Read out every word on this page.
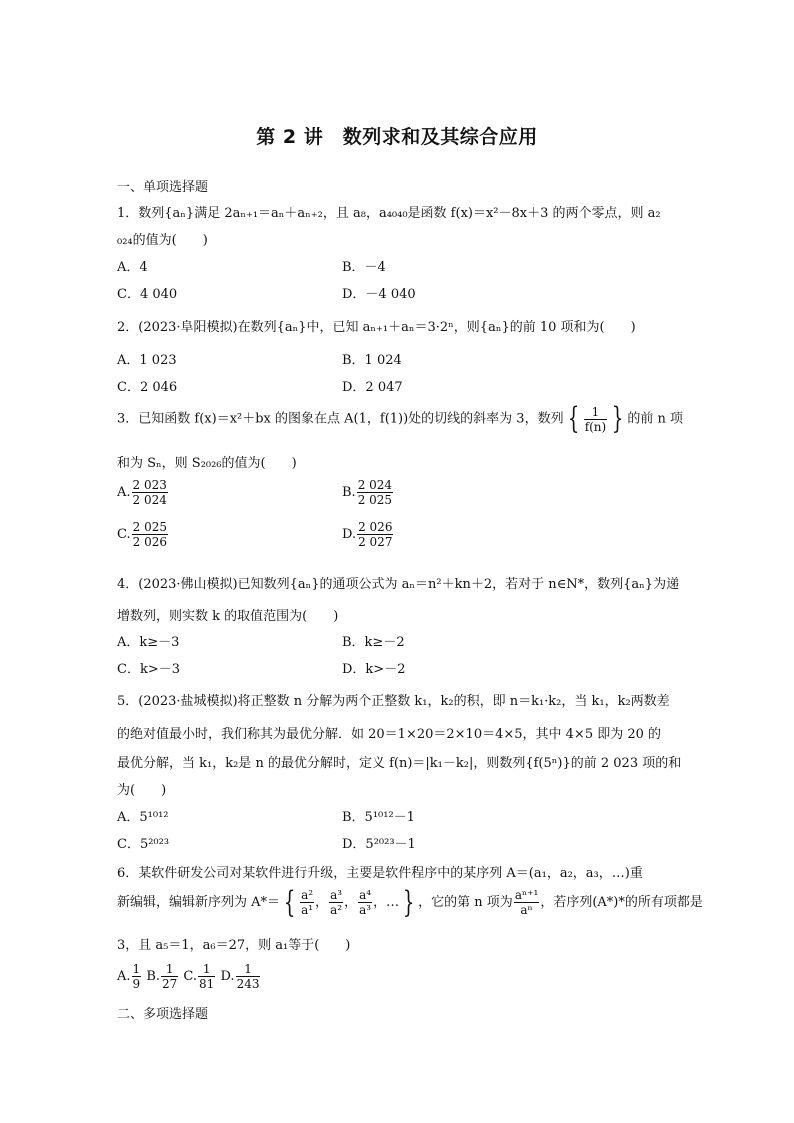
第 2 讲　数列求和及其综合应用
一、单项选择题
1．数列{aₙ}满足 2aₙ₊₁＝aₙ＋aₙ₊₂，且 a₈，a₄₀₄₀是函数 f(x)＝x²－8x＋3 的两个零点，则 a₂
₀₂₄的值为(　　)
A．4	B．－4
C．4 040	D．－4 040
2．(2023·阜阳模拟)在数列{aₙ}中，已知 aₙ₊₁＋aₙ＝3·2ⁿ，则{aₙ}的前 10 项和为(　　)
A．1 023	B．1 024
C．2 046	D．2 047
3．已知函数 f(x)＝x²＋bx 的图象在点 A(1，f(1))处的切线的斜率为 3，数列 { $\frac{1}{f(n)}$ } 的前 n 项
和为 Sₙ，则 S₂₀₂₆的值为(　　)
A. $\frac{2 023}{2 024}$	B. $\frac{2 024}{2 025}$
C. $\frac{2 025}{2 026}$	D. $\frac{2 026}{2 027}$
4．(2023·佛山模拟)已知数列{aₙ}的通项公式为 aₙ＝n²＋kn＋2，若对于 n∈N*，数列{aₙ}为递
增数列，则实数 k 的取值范围为(　　)
A．k≥－3	B．k≥－2
C．k>－3	D．k>－2
5．(2023·盐城模拟)将正整数 n 分解为两个正整数 k₁，k₂的积，即 n＝k₁·k₂，当 k₁，k₂两数差
的绝对值最小时，我们称其为最优分解．如 20＝1×20＝2×10＝4×5，其中 4×5 即为 20 的
最优分解，当 k₁，k₂是 n 的最优分解时，定义 f(n)＝|k₁－k₂|，则数列{f(5ⁿ)}的前 2 023 项的和
为(　　)
A．5¹⁰¹²	B．5¹⁰¹²－1
C．5²⁰²³	D．5²⁰²³－1
6．某软件研发公司对某软件进行升级，主要是软件程序中的某序列 A＝(a₁，a₂，a₃，…)重
新编辑，编辑新序列为 A*＝ { $\frac{\text{a²}}{\text{a¹}}$ ， $\frac{\text{a³}}{\text{a²}}$ ， $\frac{\text{a⁴}}{\text{a³}}$ ，… } ，它的第 n 项为 $\frac{\text{aⁿ⁺¹}}{\text{aⁿ}}$ ，若序列(A*)*的所有项都是
3，且 a₅＝1，a₆＝27，则 a₁等于(　　)
A. $\frac{1}{9} B$. $\frac{1}{27} C$. $\frac{1}{81} D$. $\frac{1}{243}$
二、多项选择题
